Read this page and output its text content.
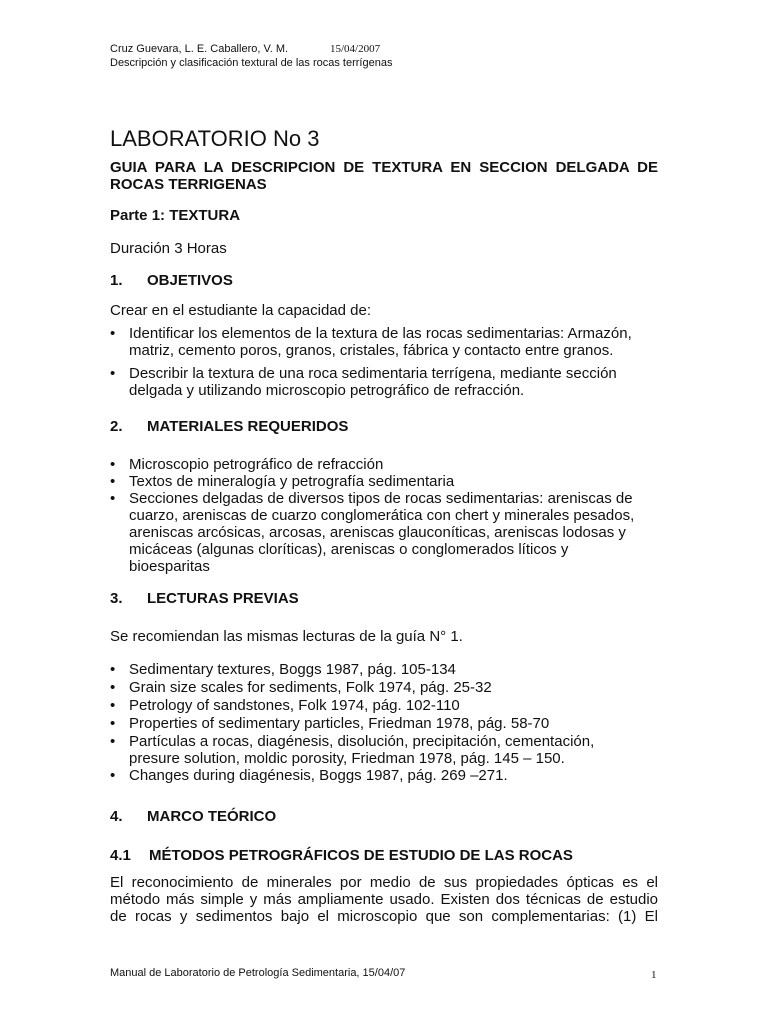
Cruz Guevara, L. E. Caballero, V. M.	15/04/2007
Descripción y clasificación textural de las rocas terrígenas
LABORATORIO No 3
GUIA PARA LA DESCRIPCION DE TEXTURA EN SECCION DELGADA DE
ROCAS TERRIGENAS
Parte 1: TEXTURA
Duración 3 Horas
1. OBJETIVOS
Crear en el estudiante la capacidad de:
• Identificar los elementos de la textura de las rocas sedimentarias: Armazón,
matriz, cemento poros, granos, cristales, fábrica y contacto entre granos.
• Describir la textura de una roca sedimentaria terrígena, mediante sección
delgada y utilizando microscopio petrográfico de refracción.
2. MATERIALES REQUERIDOS
• Microscopio petrográfico de refracción
• Textos de mineralogía y petrografía sedimentaria
• Secciones delgadas de diversos tipos de rocas sedimentarias: areniscas de
cuarzo, areniscas de cuarzo conglomerática con chert y minerales pesados,
areniscas arcósicas, arcosas, areniscas glauconíticas, areniscas lodosas y
micáceas (algunas cloríticas), areniscas o conglomerados líticos y
bioesparitas
3. LECTURAS PREVIAS
Se recomiendan las mismas lecturas de la guía N° 1.
• Sedimentary textures, Boggs 1987, pág. 105-134
• Grain size scales for sediments, Folk 1974, pág. 25-32
• Petrology of sandstones, Folk 1974, pág. 102-110
• Properties of sedimentary particles, Friedman 1978, pág. 58-70
• Partículas a rocas, diagénesis, disolución, precipitación, cementación,
presure solution, moldic porosity, Friedman 1978, pág. 145 – 150.
• Changes during diagénesis, Boggs 1987, pág. 269 –271.
4. MARCO TEÓRICO
4.1 MÉTODOS PETROGRÁFICOS DE ESTUDIO DE LAS ROCAS
El reconocimiento de minerales por medio de sus propiedades ópticas es el
método más simple y más ampliamente usado. Existen dos técnicas de estudio
de rocas y sedimentos bajo el microscopio que son complementarias: (1) El
Manual de Laboratorio de Petrología Sedimentaria, 15/04/07	1
